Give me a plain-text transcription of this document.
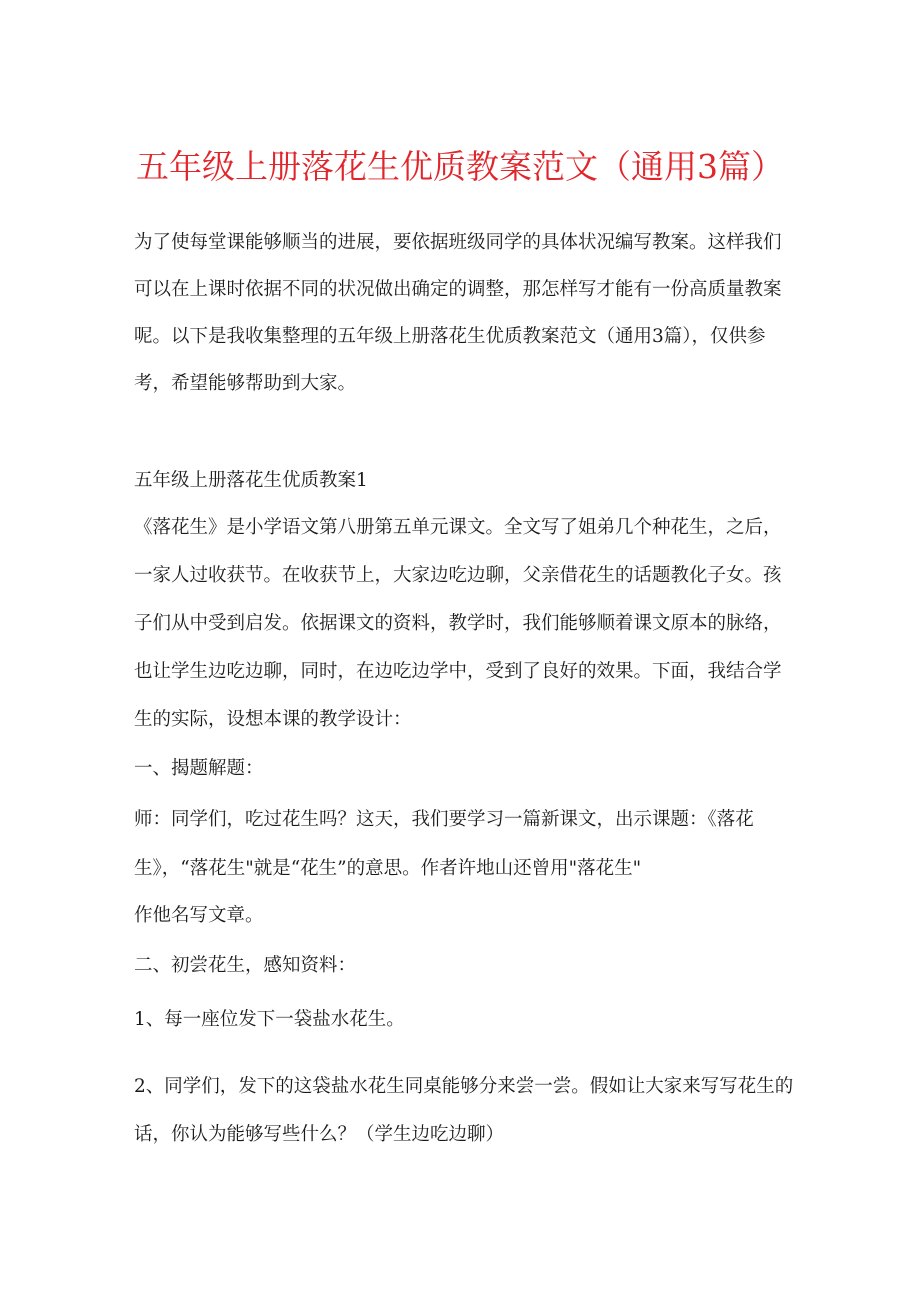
五年级上册落花生优质教案范文（通用3篇）

为了使每堂课能够顺当的进展，要依据班级同学的具体状况编写教案。这样我们

可以在上课时依据不同的状况做出确定的调整，那怎样写才能有一份高质量教案

呢。以下是我收集整理的五年级上册落花生优质教案范文（通用3篇），仅供参

考，希望能够帮助到大家。

五年级上册落花生优质教案1

《落花生》是小学语文第八册第五单元课文。全文写了姐弟几个种花生，之后，

一家人过收获节。在收获节上，大家边吃边聊，父亲借花生的话题教化子女。孩

子们从中受到启发。依据课文的资料，教学时，我们能够顺着课文原本的脉络，

也让学生边吃边聊，同时，在边吃边学中，受到了良好的效果。下面，我结合学

生的实际，设想本课的教学设计：

一、揭题解题：

师：同学们，吃过花生吗？这天，我们要学习一篇新课文，出示课题：《落花

生》，“落花生"就是“花生”的意思。作者许地山还曾用"落花生"

作他名写文章。

二、初尝花生，感知资料：

1、每一座位发下一袋盐水花生。

2、同学们，发下的这袋盐水花生同桌能够分来尝一尝。假如让大家来写写花生的

话，你认为能够写些什么？（学生边吃边聊）
